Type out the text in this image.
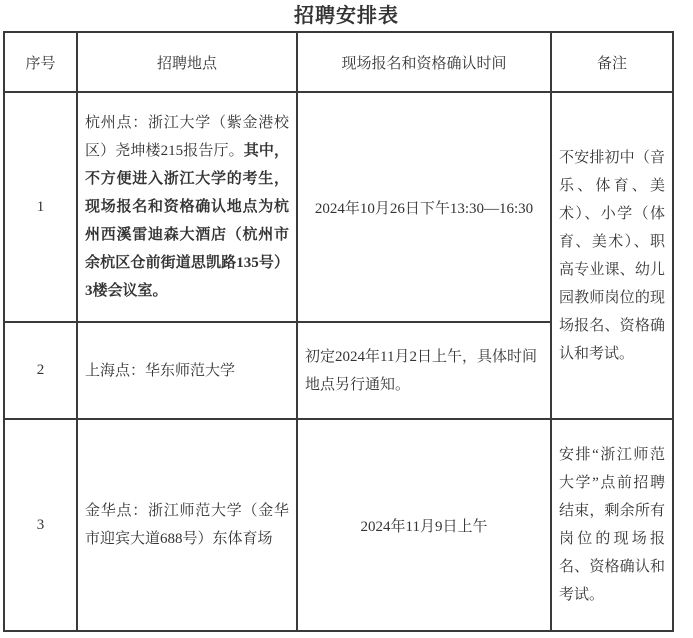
招聘安排表
序号	招聘地点	现场报名和资格确认时间	备注
1	杭州点：浙江大学（紫金港校区）尧坤楼215报告厅。其中，不方便进入浙江大学的考生，现场报名和资格确认地点为杭州西溪雷迪森大酒店（杭州市余杭区仓前街道思凯路135号）3楼会议室。	2024年10月26日下午13:30—16:30	不安排初中（音乐、体育、美术）、小学（体育、美术）、职高专业课、幼儿园教师岗位的现场报名、资格确认和考试。
2	上海点：华东师范大学	初定2024年11月2日上午，具体时间地点另行通知。	
3	金华点：浙江师范大学（金华市迎宾大道688号）东体育场	2024年11月9日上午	安排“浙江师范大学”点前招聘结束，剩余所有岗位的现场报名、资格确认和考试。
